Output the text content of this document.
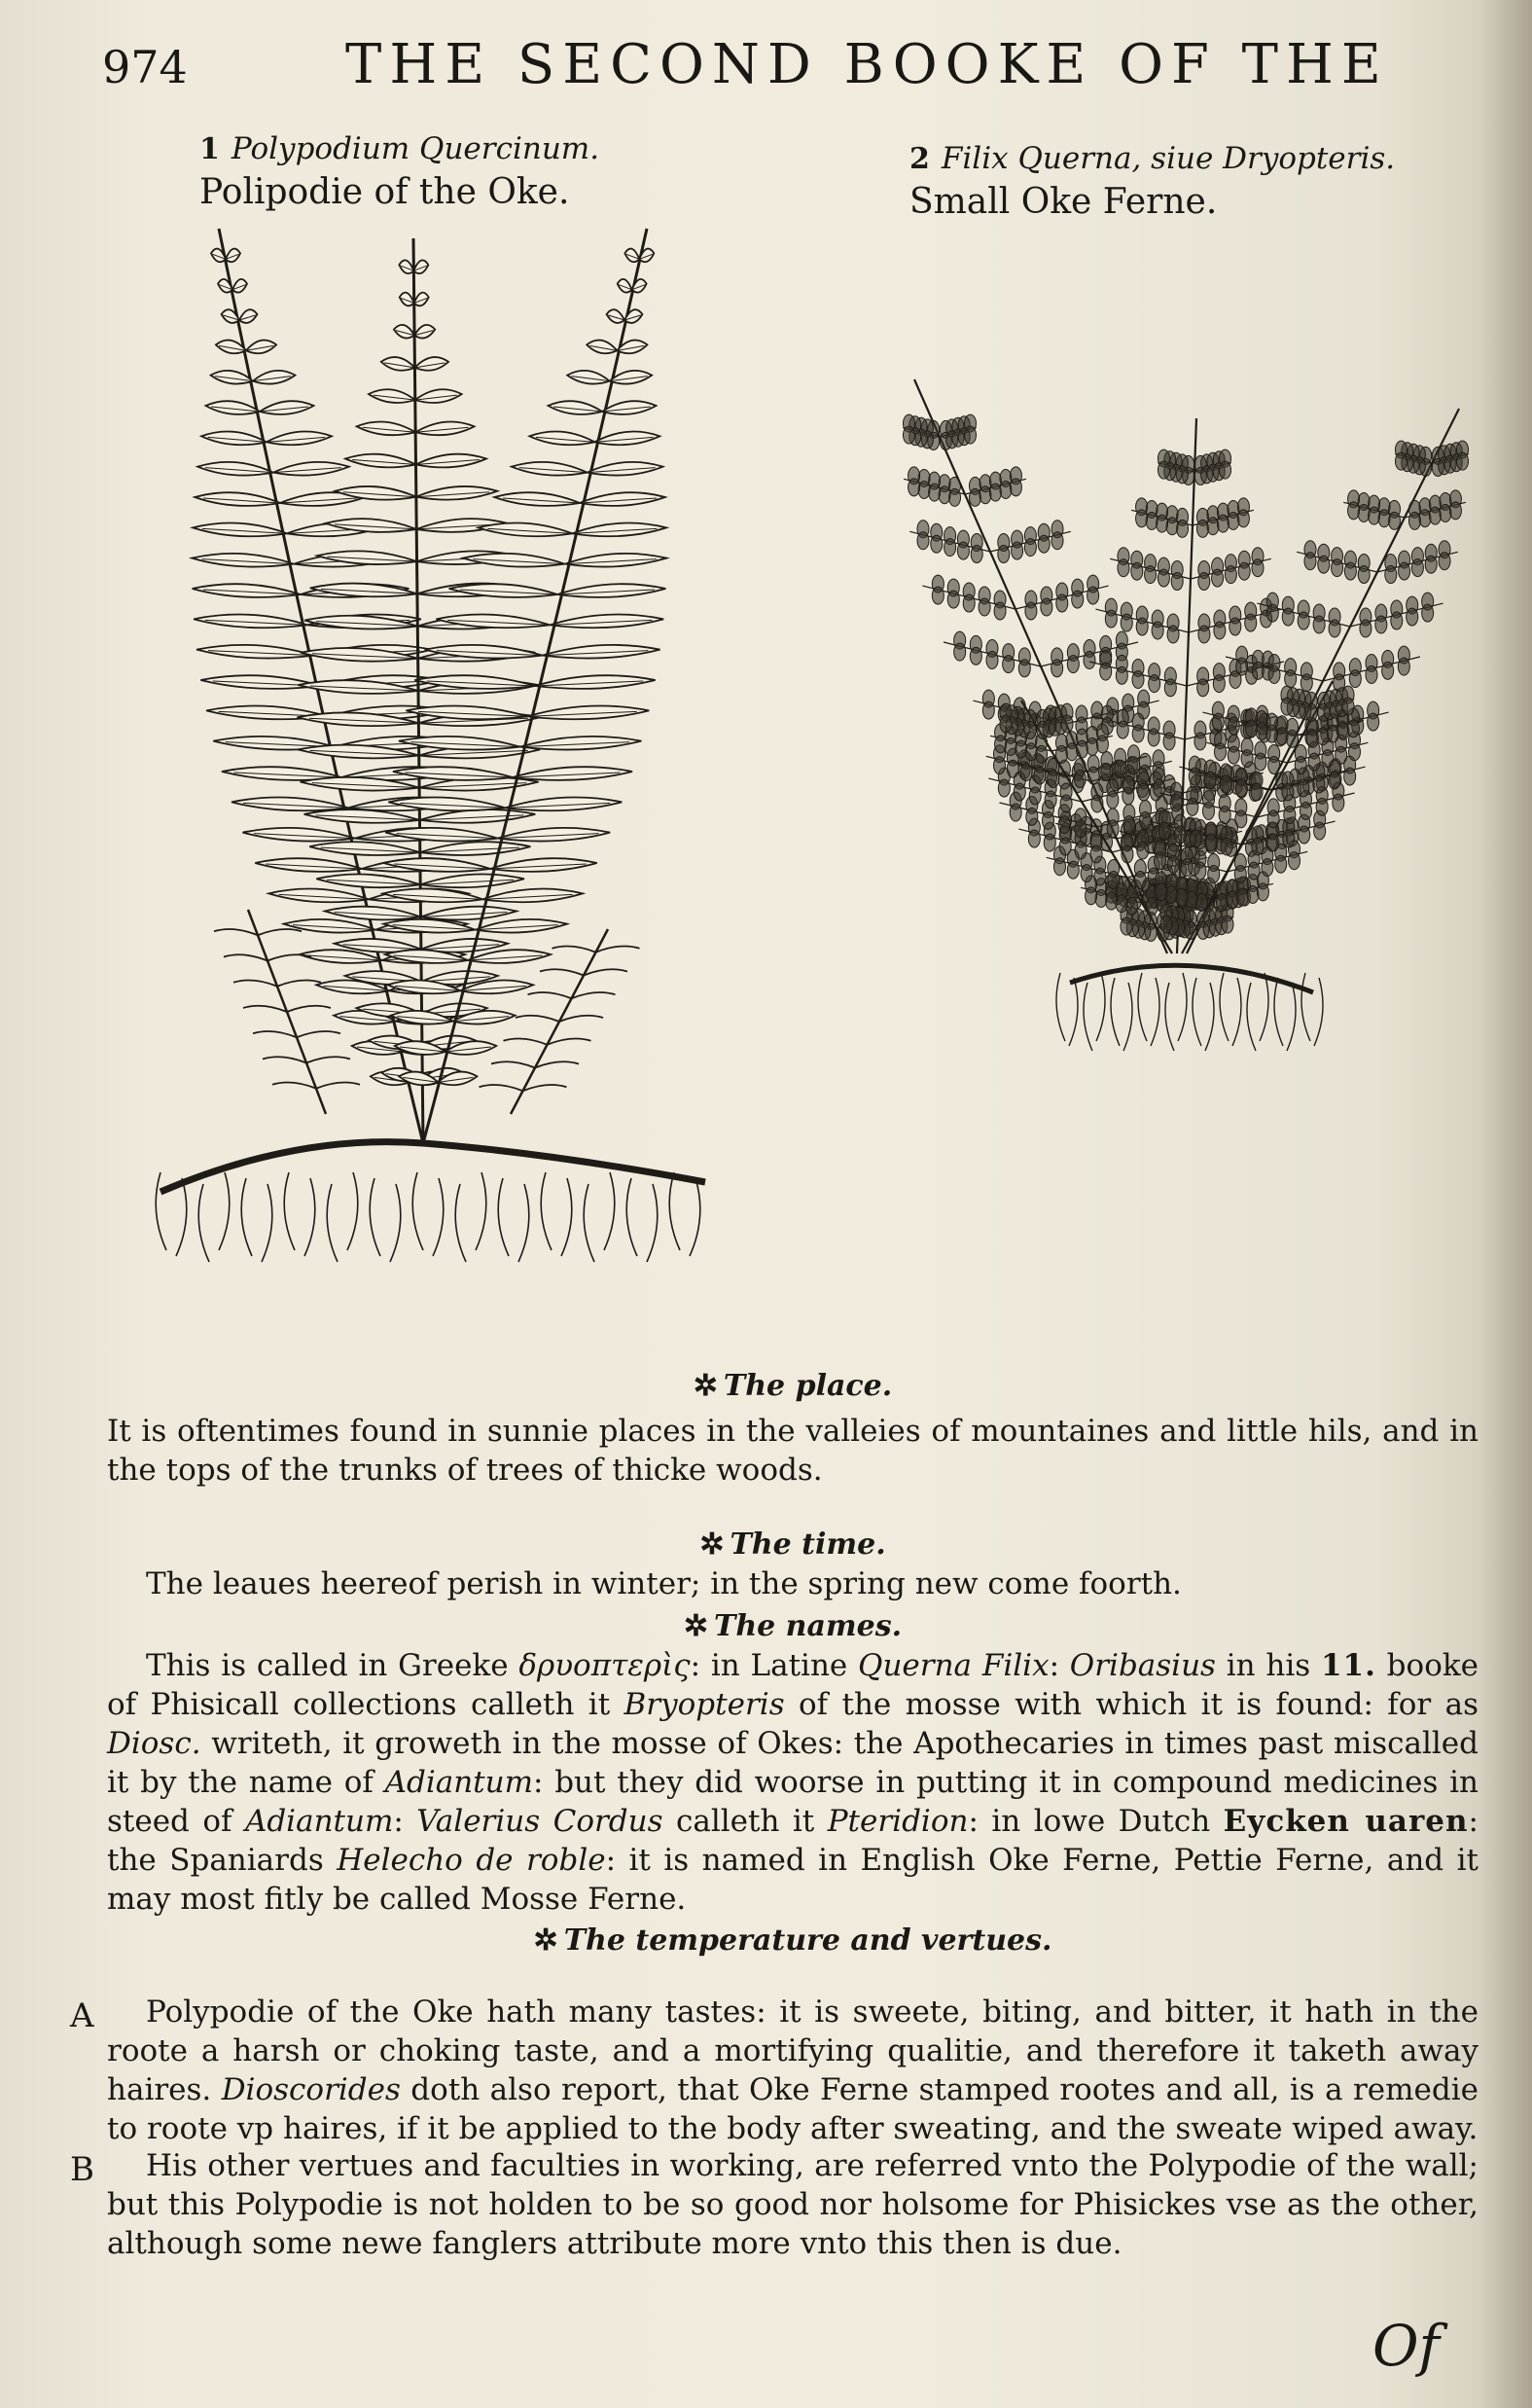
974	THE SECOND BOOKE OF THE
1 Polypodium Quercinum.
Polipodie of the Oke.
2 Filix Querna, siue Dryopteris.
Small Oke Ferne.
✲ The place.
It is oftentimes found in sunnie places in the valleies of mountaines and little hils, and in the tops of the trunks of trees of thicke woods.
✲ The time.
The leaues heereof perish in winter; in the spring new come foorth.
✲ The names.
This is called in Greeke δρυοπτερὶς: in Latine Querna Filix: Oribasius in his 11. booke of Phisicall collections calleth it Bryopteris of the mosse with which it is found: for as Diosc. writeth, it groweth in the mosse of Okes: the Apothecaries in times past miscalled it by the name of Adiantum: but they did woorse in putting it in compound medicines in steed of Adiantum: Valerius Cordus calleth it Pteridion: in lowe Dutch Eycken uaren: the Spaniards Helecho de roble: it is named in English Oke Ferne, Pettie Ferne, and it may most fitly be called Mosse Ferne.
✲ The temperature and vertues.
A	Polypodie of the Oke hath many tastes: it is sweete, biting, and bitter, it hath in the roote a harsh or choking taste, and a mortifying qualitie, and therefore it taketh away haires. Dioscorides doth also report, that Oke Ferne stamped rootes and all, is a remedie to roote vp haires, if it be applied to the body after sweating, and the sweate wiped away.
B	His other vertues and faculties in working, are referred vnto the Polypodie of the wall; but this Polypodie is not holden to be so good nor holsome for Phisickes vse as the other, although some newe fanglers attribute more vnto this then is due.
Of
